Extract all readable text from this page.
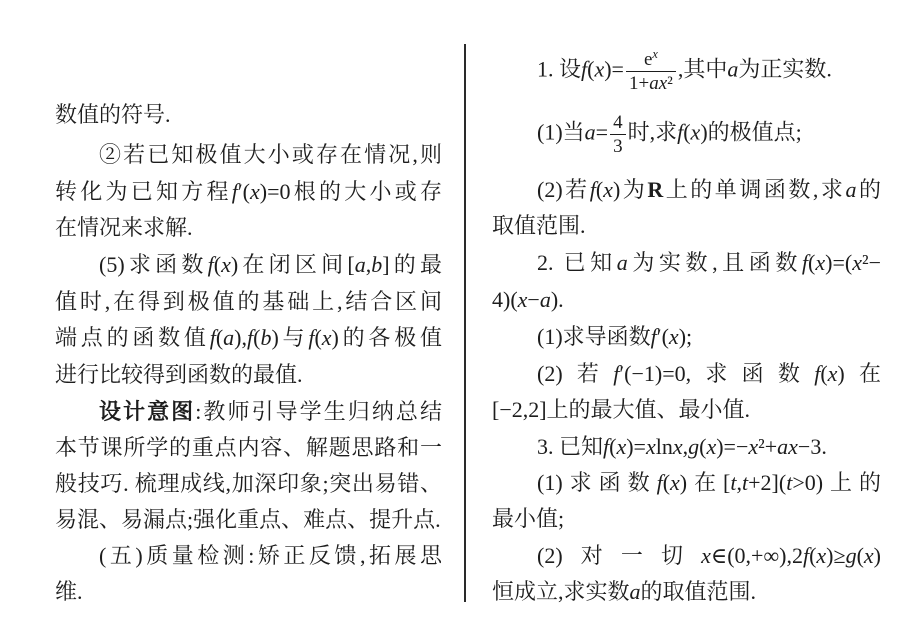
数值的符号.
②若已知极值大小或存在情况,则
转化为已知方程f′(x)=0根的大小或存
在情况来求解.
(5)求函数f(x)在闭区间[a,b]的最
值时,在得到极值的基础上,结合区间
端点的函数值f(a),f(b)与f(x)的各极值
进行比较得到函数的最值.
设计意图:教师引导学生归纳总结
本节课所学的重点内容、解题思路和一
般技巧. 梳理成线,加深印象;突出易错、
易混、易漏点;强化重点、难点、提升点.
(五)质量检测:矫正反馈,拓展思
维.
1. 设$f(x)= \frac{e^x}{\text{1+ax²}}$ ,其中a为正实数.
(1)当$a= \frac{4}{3}$ 时,求f(x)的极值点;
(2)若f(x)为R上的单调函数,求a的
取值范围.
2. 已知a为实数,且函数f(x)=(x²−
4)(x−a).
(1)求导函数f′(x);
(2)若f′(−1)=0,求函数f(x)在
[−2,2]上的最大值、最小值.
3. 已知f(x)=xlnx,g(x)=−x²+ax−3.
(1)求函数f(x)在[t,t+2](t>0)上的
最小值;
(2)对一切x∈(0,+∞),2f(x)≥g(x)
恒成立,求实数a的取值范围.
